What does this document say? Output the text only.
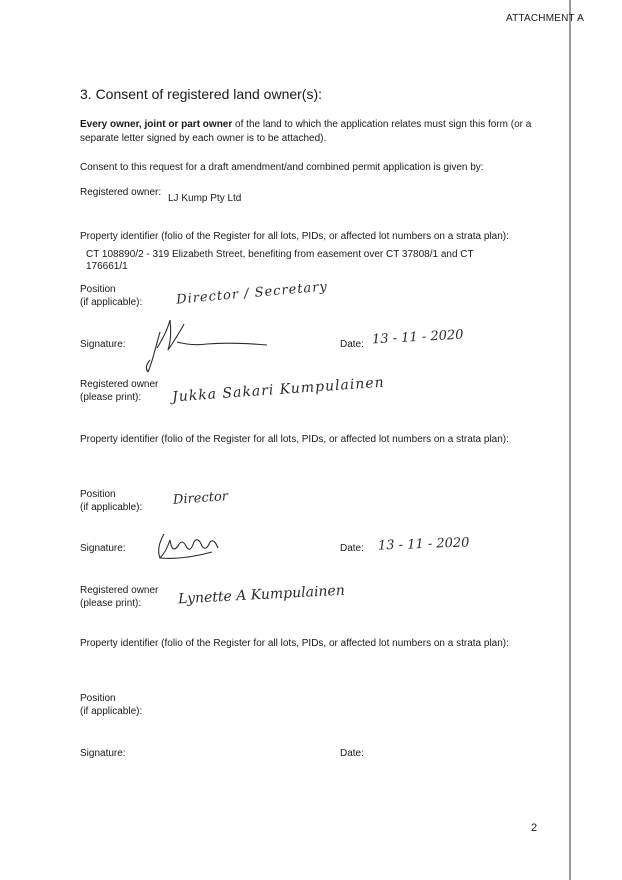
ATTACHMENT A
3. Consent of registered land owner(s):
Every owner, joint or part owner of the land to which the application relates must sign this form (or a separate letter signed by each owner is to be attached).
Consent to this request for a draft amendment/and combined permit application is given by:
Registered owner:
LJ Kump Pty Ltd
Property identifier (folio of the Register for all lots, PIDs, or affected lot numbers on a strata plan):
CT 108890/2 - 319 Elizabeth Street, benefiting from easement over CT 37808/1 and CT
176661/1
Position
(if applicable):	Director / Secretary
Signature:	Date: 13 - 11 - 2020
Registered owner
(please print): Jukka Sakari Kumpulainen
Property identifier (folio of the Register for all lots, PIDs, or affected lot numbers on a strata plan):
Position
(if applicable): Director
Signature:	Date: 13 - 11 - 2020
Registered owner
(please print):	Lynette A Kumpulainen
Property identifier (folio of the Register for all lots, PIDs, or affected lot numbers on a strata plan):
Position
(if applicable):
Signature:	Date:
2
